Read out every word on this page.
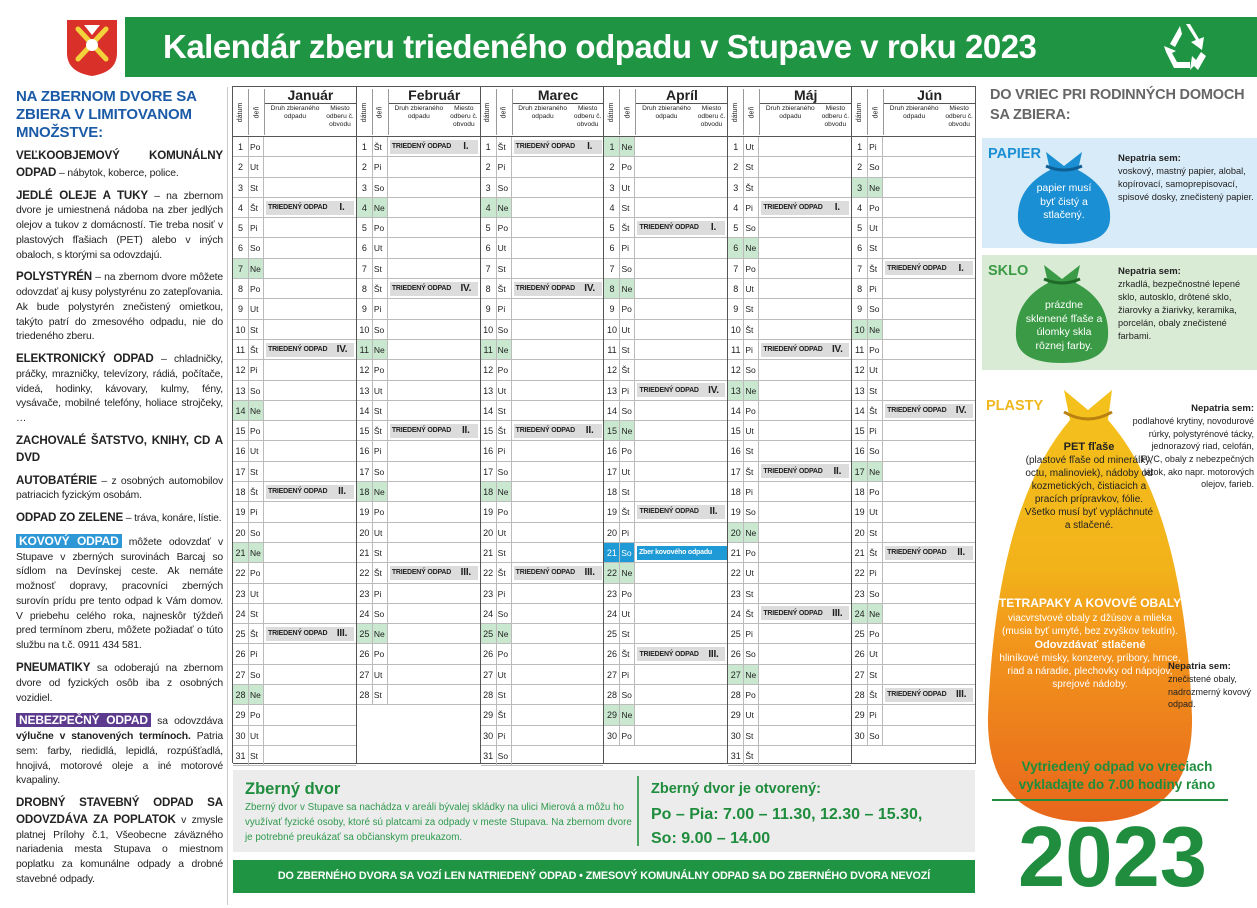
Kalendár zberu triedeného odpadu v Stupave v roku 2023
NA ZBERNOM DVORE SA ZBIERA V LIMITOVANOM MNOŽSTVE:

VEĽKOOBJEMOVÝ KOMUNÁLNY ODPAD – nábytok, koberce, police.

JEDLÉ OLEJE A TUKY – na zbernom dvore je umiestnená nádoba na zber jedlých olejov a tukov z domácností. Tie treba nosiť v plastových fľašiach (PET) alebo v iných obaloch, s ktorými sa odovzdajú.

POLYSTYRÉN – na zbernom dvore môžete odovzdať aj kusy polystyrénu zo zatepľovania. Ak bude polystyrén znečistený omietkou, takýto patrí do zmesového odpadu, nie do triedeného zberu.

ELEKTRONICKÝ ODPAD – chladničky, práčky, mrazničky, televízory, rádiá, počítače, videá, hodinky, kávovary, kulmy, fény, vysávače, mobilné telefóny, holiace strojčeky, …

ZACHOVALÉ ŠATSTVO, KNIHY, CD A DVD

AUTOBATÉRIE – z osobných automobilov patriacich fyzickým osobám.

ODPAD ZO ZELENE – tráva, konáre, lístie.

KOVOVÝ ODPAD môžete odovzdať v Stupave v zberných surovinách Barcaj so sídlom na Devínskej ceste. Ak nemáte možnosť dopravy, pracovníci zberných surovín prídu pre tento odpad k Vám domov. V priebehu celého roka, najneskôr týždeň pred termínom zberu, môžete požiadať o túto službu na t.č. 0911 434 581.

PNEUMATIKY sa odoberajú na zbernom dvore od fyzických osôb iba z osobných vozidiel.

NEBEZPEČNÝ ODPAD sa odovzdáva výlučne v stanovených termínoch. Patria sem: farby, riedidlá, lepidlá, rozpúšťadlá, hnojivá, motorové oleje a iné motorové kvapaliny.

DROBNÝ STAVEBNÝ ODPAD SA ODOVZDÁVA ZA POPLATOK v zmysle platnej Prílohy č.1, Všeobecne záväzného nariadenia mesta Stupava o miestnom poplatku za komunálne odpady a drobné stavebné odpady.

dátum deň
Január
Druh zbieraného odpadu
Miesto odberu č. obvodu
1 Po
2 Ut
3 St
4 Št	TRIEDENÝ ODPAD	I.
5 Pi
6 So
7 Ne
8 Po
9 Ut
10 St
11 Št	TRIEDENÝ ODPAD IV.
12 Pi
13 So
14 Ne
15 Po
16 Ut
17 St
18 Št	TRIEDENÝ ODPAD	II.
19 Pi
20 So
21 Ne
22 Po
23 Ut
24 St
25 Št	TRIEDENÝ ODPAD III.
26 Pi
27 So
28 Ne
29 Po
30 Ut
31 St
dátum deň
Február
Druh zbieraného odpadu
Miesto odberu č. obvodu
1 Št	TRIEDENÝ ODPAD	I.
2 Pi
3 So
4 Ne
5 Po
6 Ut
7 St
8 Št	TRIEDENÝ ODPAD IV.
9 Pi
10 So
11 Ne
12 Po
13 Ut
14 St
15 Št	TRIEDENÝ ODPAD	II.
16 Pi
17 So
18 Ne
19 Po
20 Ut
21 St
22 Št	TRIEDENÝ ODPAD III.
23 Pi
24 So
25 Ne
26 Po
27 Ut
28 St
dátum deň
Marec
Druh zbieraného odpadu
Miesto odberu č. obvodu
1 Št	TRIEDENÝ ODPAD	I.
2 Pi
3 So
4 Ne
5 Po
6 Ut
7 St
8 Št	TRIEDENÝ ODPAD IV.
9 Pi
10 So
11 Ne
12 Po
13 Ut
14 St
15 Št	TRIEDENÝ ODPAD	II.
16 Pi
17 So
18 Ne
19 Po
20 Ut
21 St
22 Št	TRIEDENÝ ODPAD III.
23 Pi
24 So
25 Ne
26 Po
27 Ut
28 St
29 Št
30 Pi
31 So
dátum deň
Apríl
Druh zbieraného odpadu
Miesto odberu č. obvodu
1 Ne
2 Po
3 Ut
4 St
5 Št	TRIEDENÝ ODPAD	I.
6 Pi
7 So
8 Ne
9 Po
10 Ut
11 St
12 Št
13 Pi	TRIEDENÝ ODPAD IV.
14 So
15 Ne
16 Po
17 Ut
18 St
19 Št	TRIEDENÝ ODPAD	II.
20 Pi
21 So	Zber kovového odpadu
22 Ne
23 Po
24 Ut
25 St
26 Št	TRIEDENÝ ODPAD III.
27 Pi
28 So
29 Ne
30 Po
dátum deň
Máj
Druh zbieraného odpadu
Miesto odberu č. obvodu
1 Ut
2 St
3 Št
4 Pi	TRIEDENÝ ODPAD	I.
5 So
6 Ne
7 Po
8 Ut
9 St
10 Št
11 Pi	TRIEDENÝ ODPAD IV.
12 So
13 Ne
14 Po
15 Ut
16 St
17 Št	TRIEDENÝ ODPAD	II.
18 Pi
19 So
20 Ne
21 Po
22 Ut
23 St
24 Št	TRIEDENÝ ODPAD III.
25 Pi
26 So
27 Ne
28 Po
29 Ut
30 St
31 Št
dátum deň
Jún
Druh zbieraného odpadu
Miesto odberu č. obvodu
1 Pi
2 So
3 Ne
4 Po
5 Ut
6 St
7 Št	TRIEDENÝ ODPAD	I.
8 Pi
9 So
10 Ne
11 Po
12 Ut
13 St
14 Št	TRIEDENÝ ODPAD IV.
15 Pi
16 So
17 Ne
18 Po
19 Ut
20 St
21 Št	TRIEDENÝ ODPAD	II.
22 Pi
23 So
24 Ne
25 Po
26 Ut
27 St
28 Št	TRIEDENÝ ODPAD III.
29 Pi
30 So
Zberný dvor
Zberný dvor v Stupave sa nachádza v areáli bývalej skládky na ulici Mierová a môžu ho využívať fyzické osoby, ktoré sú platcami za odpady v meste Stupava. Na zbernom dvore je potrebné preukázať sa občianskym preukazom.
Zberný dvor je otvorený:
Po – Pia: 7.00 – 11.30, 12.30 – 15.30,
So: 9.00 – 14.00
DO ZBERNÉHO DVORA SA VOZÍ LEN NATRIEDENÝ ODPAD • ZMESOVÝ KOMUNÁLNY ODPAD SA DO ZBERNÉHO DVORA NEVOZÍ
DO VRIEC PRI RODINNÝCH DOMOCH SA ZBIERA:
PAPIER
papier musí byť čistý a stlačený.
Nepatria sem:
voskový, mastný papier, alobal, kopírovací, samoprepisovací, spisové dosky, znečistený papier.
SKLO
prázdne sklenené fľaše a úlomky skla rôznej farby.
Nepatria sem:
zrkadlá, bezpečnostné lepené sklo, autosklo, drôtené sklo, žiarovky a žiarivky, keramika, porcelán, obaly znečistené farbami.
PLASTY
PET fľaše
(plastové fľaše od minerálky, octu, malinoviek), nádoby od kozmetických, čistiacich a pracích prípravkov, fólie. Všetko musí byť vypláchnuté a stlačené.
TETRAPAKY A KOVOVÉ OBALY
viacvrstvové obaly z džúsov a mlieka (musia byť umyté, bez zvyškov tekutín).
Odovzdávať stlačené
hliníkové misky, konzervy, príbory, hrnce, riad a náradie, plechovky od nápojov, sprejové nádoby.
Nepatria sem:
podlahové krytiny, novodurové rúrky, polystyrénové tácky, jednorazový riad, celofán, PVC, obaly z nebezpečných látok, ako napr. motorových olejov, farieb.
Nepatria sem:
znečistené obaly, nadrozmerný kovový odpad.
Vytriedený odpad vo vreciach vykladajte do 7.00 hodiny ráno
2023
